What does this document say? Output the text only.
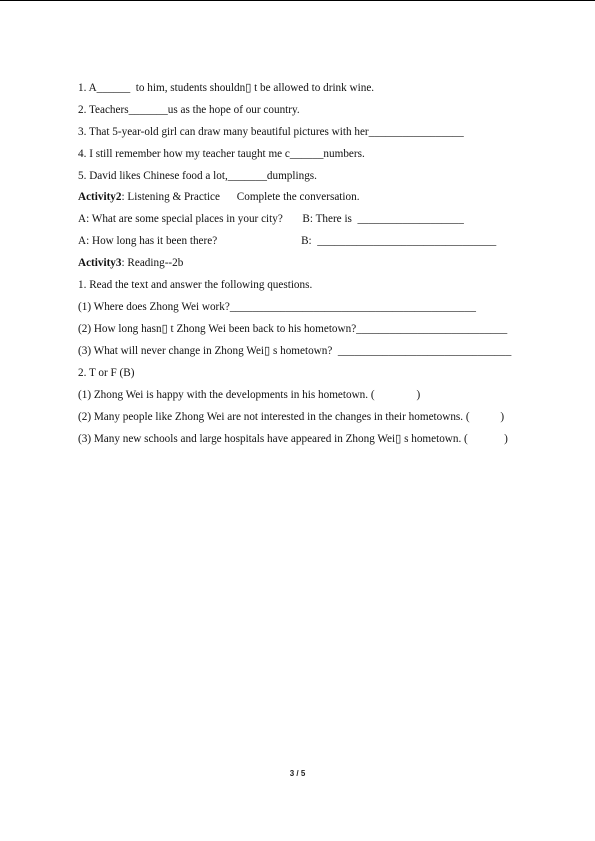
1. A______  to him, students shouldn▯ t be allowed to drink wine.
2. Teachers_______us as the hope of our country.
3. That 5-year-old girl can draw many beautiful pictures with her_________________
4. I still remember how my teacher taught me c______numbers.
5. David likes Chinese food a lot,_______dumplings.
Activity2: Listening & Practice      Complete the conversation.
A: What are some special places in your city?       B: There is  ___________________
A: How long has it been there?                              B:  ________________________________
Activity3: Reading--2b
1. Read the text and answer the following questions.
(1) Where does Zhong Wei work?____________________________________________
(2) How long hasn▯ t Zhong Wei been back to his hometown?___________________________
(3) What will never change in Zhong Wei▯ s hometown?  _______________________________
2. T or F (B)
(1) Zhong Wei is happy with the developments in his hometown. (               )
(2) Many people like Zhong Wei are not interested in the changes in their hometowns. (           )
(3) Many new schools and large hospitals have appeared in Zhong Wei▯ s hometown. (             )
3 / 5
